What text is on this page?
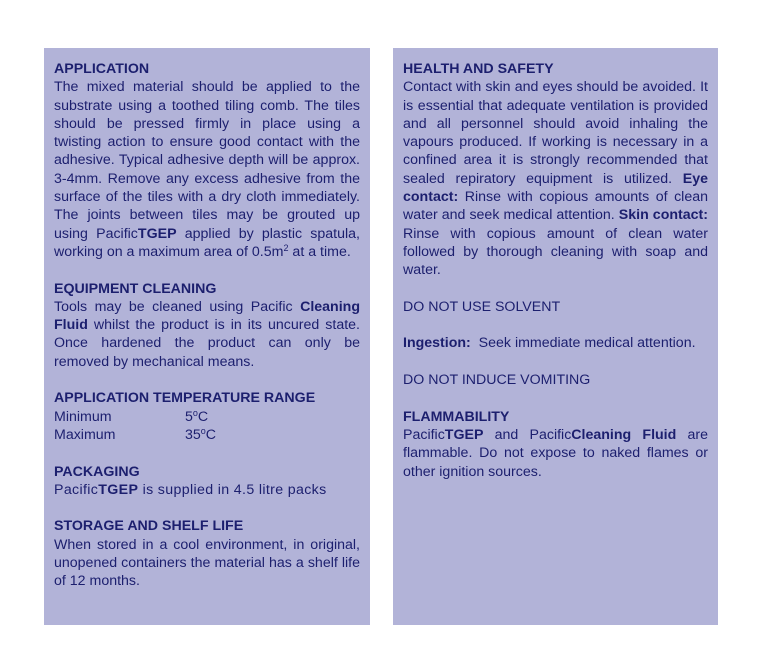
APPLICATION

The mixed material should be applied to the substrate using a toothed tiling comb. The tiles should be pressed firmly in place using a twisting action to ensure good contact with the adhesive. Typical adhesive depth will be approx. 3-4mm. Remove any excess adhesive from the surface of the tiles with a dry cloth immediately. The joints between tiles may be grouted up using PacificTGEP applied by plastic spatula, working on a maximum area of $0.5m^2$ at a time.

EQUIPMENT CLEANING

Tools may be cleaned using Pacific Cleaning Fluid whilst the product is in its uncured state. Once hardened the product can only be removed by mechanical means.

APPLICATION TEMPERATURE RANGE
Minimum	5$^o$C
Maximum	35$^o$C
PACKAGING

PacificTGEP is supplied in 4.5 litre packs

STORAGE AND SHELF LIFE

When stored in a cool environment, in original, unopened containers the material has a shelf life of 12 months.

HEALTH AND SAFETY

Contact with skin and eyes should be avoided. It is essential that adequate ventilation is provided and all personnel should avoid inhaling the vapours produced. If working is necessary in a confined area it is strongly recommended that sealed repiratory equipment is utilized. Eye contact: Rinse with copious amounts of clean water and seek medical attention. Skin contact: Rinse with copious amount of clean water followed by thorough cleaning with soap and water.

DO NOT USE SOLVENT

Ingestion:  Seek immediate medical attention.

DO NOT INDUCE VOMITING

FLAMMABILITY

PacificTGEP and PacificCleaning Fluid are flammable. Do not expose to naked flames or other ignition sources.
